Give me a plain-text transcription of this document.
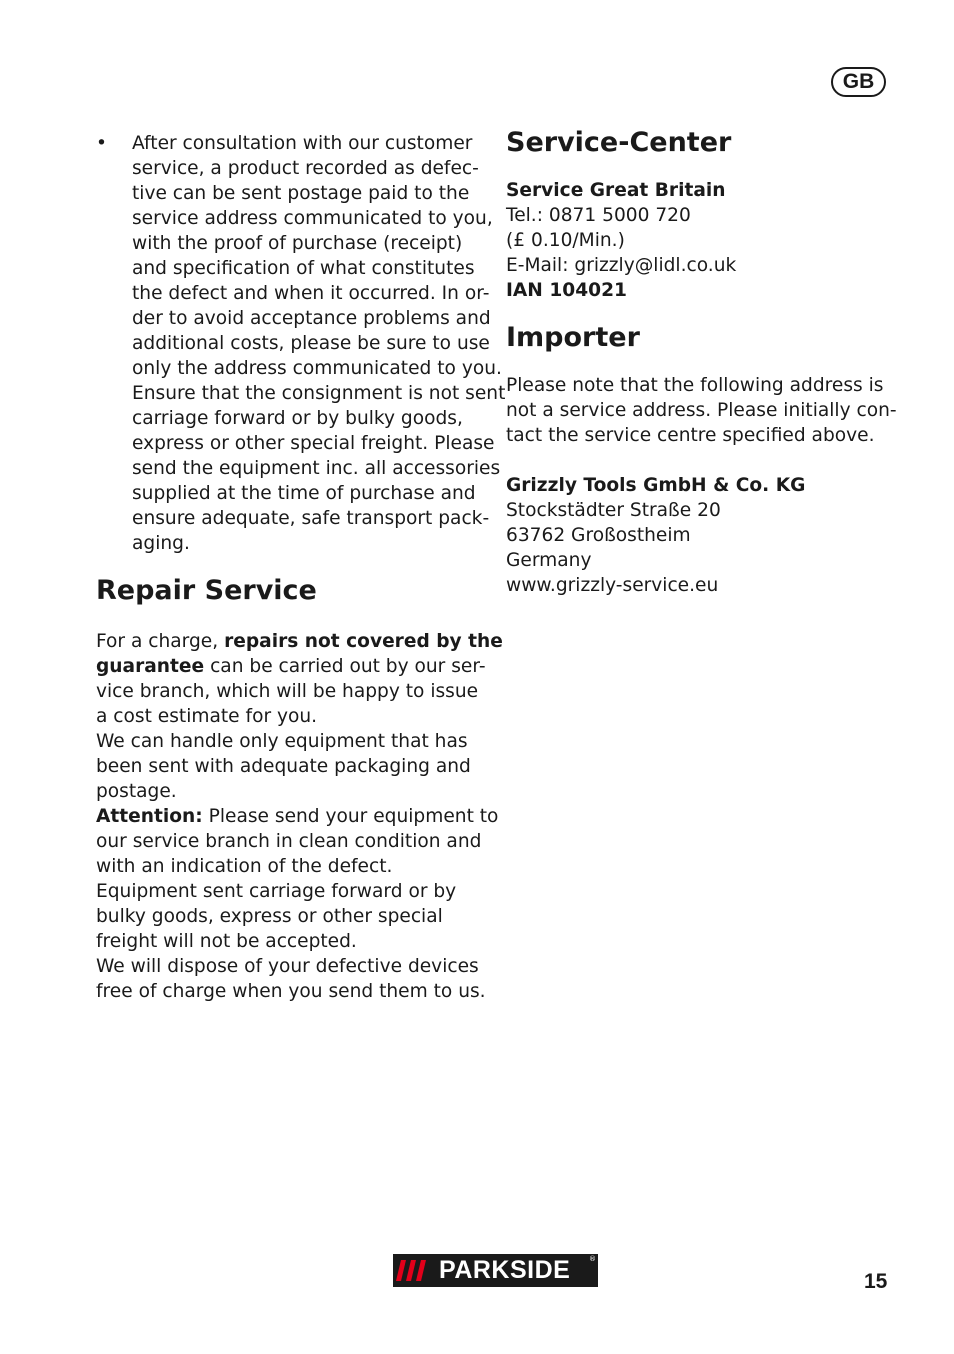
GB
• After consultation with our customer
service, a product recorded as defec-
tive can be sent postage paid to the
service address communicated to you,
with the proof of purchase (receipt)
and specification of what constitutes
the defect and when it occurred. In or-
der to avoid acceptance problems and
additional costs, please be sure to use
only the address communicated to you.
Ensure that the consignment is not sent
carriage forward or by bulky goods,
express or other special freight. Please
send the equipment inc. all accessories
supplied at the time of purchase and
ensure adequate, safe transport pack-
aging.
Repair Service
For a charge, repairs not covered by the
guarantee can be carried out by our ser-
vice branch, which will be happy to issue
a cost estimate for you.
We can handle only equipment that has
been sent with adequate packaging and
postage.
Attention: Please send your equipment to
our service branch in clean condition and
with an indication of the defect.
Equipment sent carriage forward or by
bulky goods, express or other special
freight will not be accepted.
We will dispose of your defective devices
free of charge when you send them to us.
Service-Center
Service Great Britain
Tel.: 0871 5000 720
(£ 0.10/Min.)
E-Mail: grizzly@lidl.co.uk
IAN 104021
Importer
Please note that the following address is
not a service address. Please initially con-
tact the service centre specified above.
Grizzly Tools GmbH & Co. KG
Stockstädter Straße 20
63762 Großostheim
Germany
www.grizzly-service.eu
PARKSIDE	®
15
